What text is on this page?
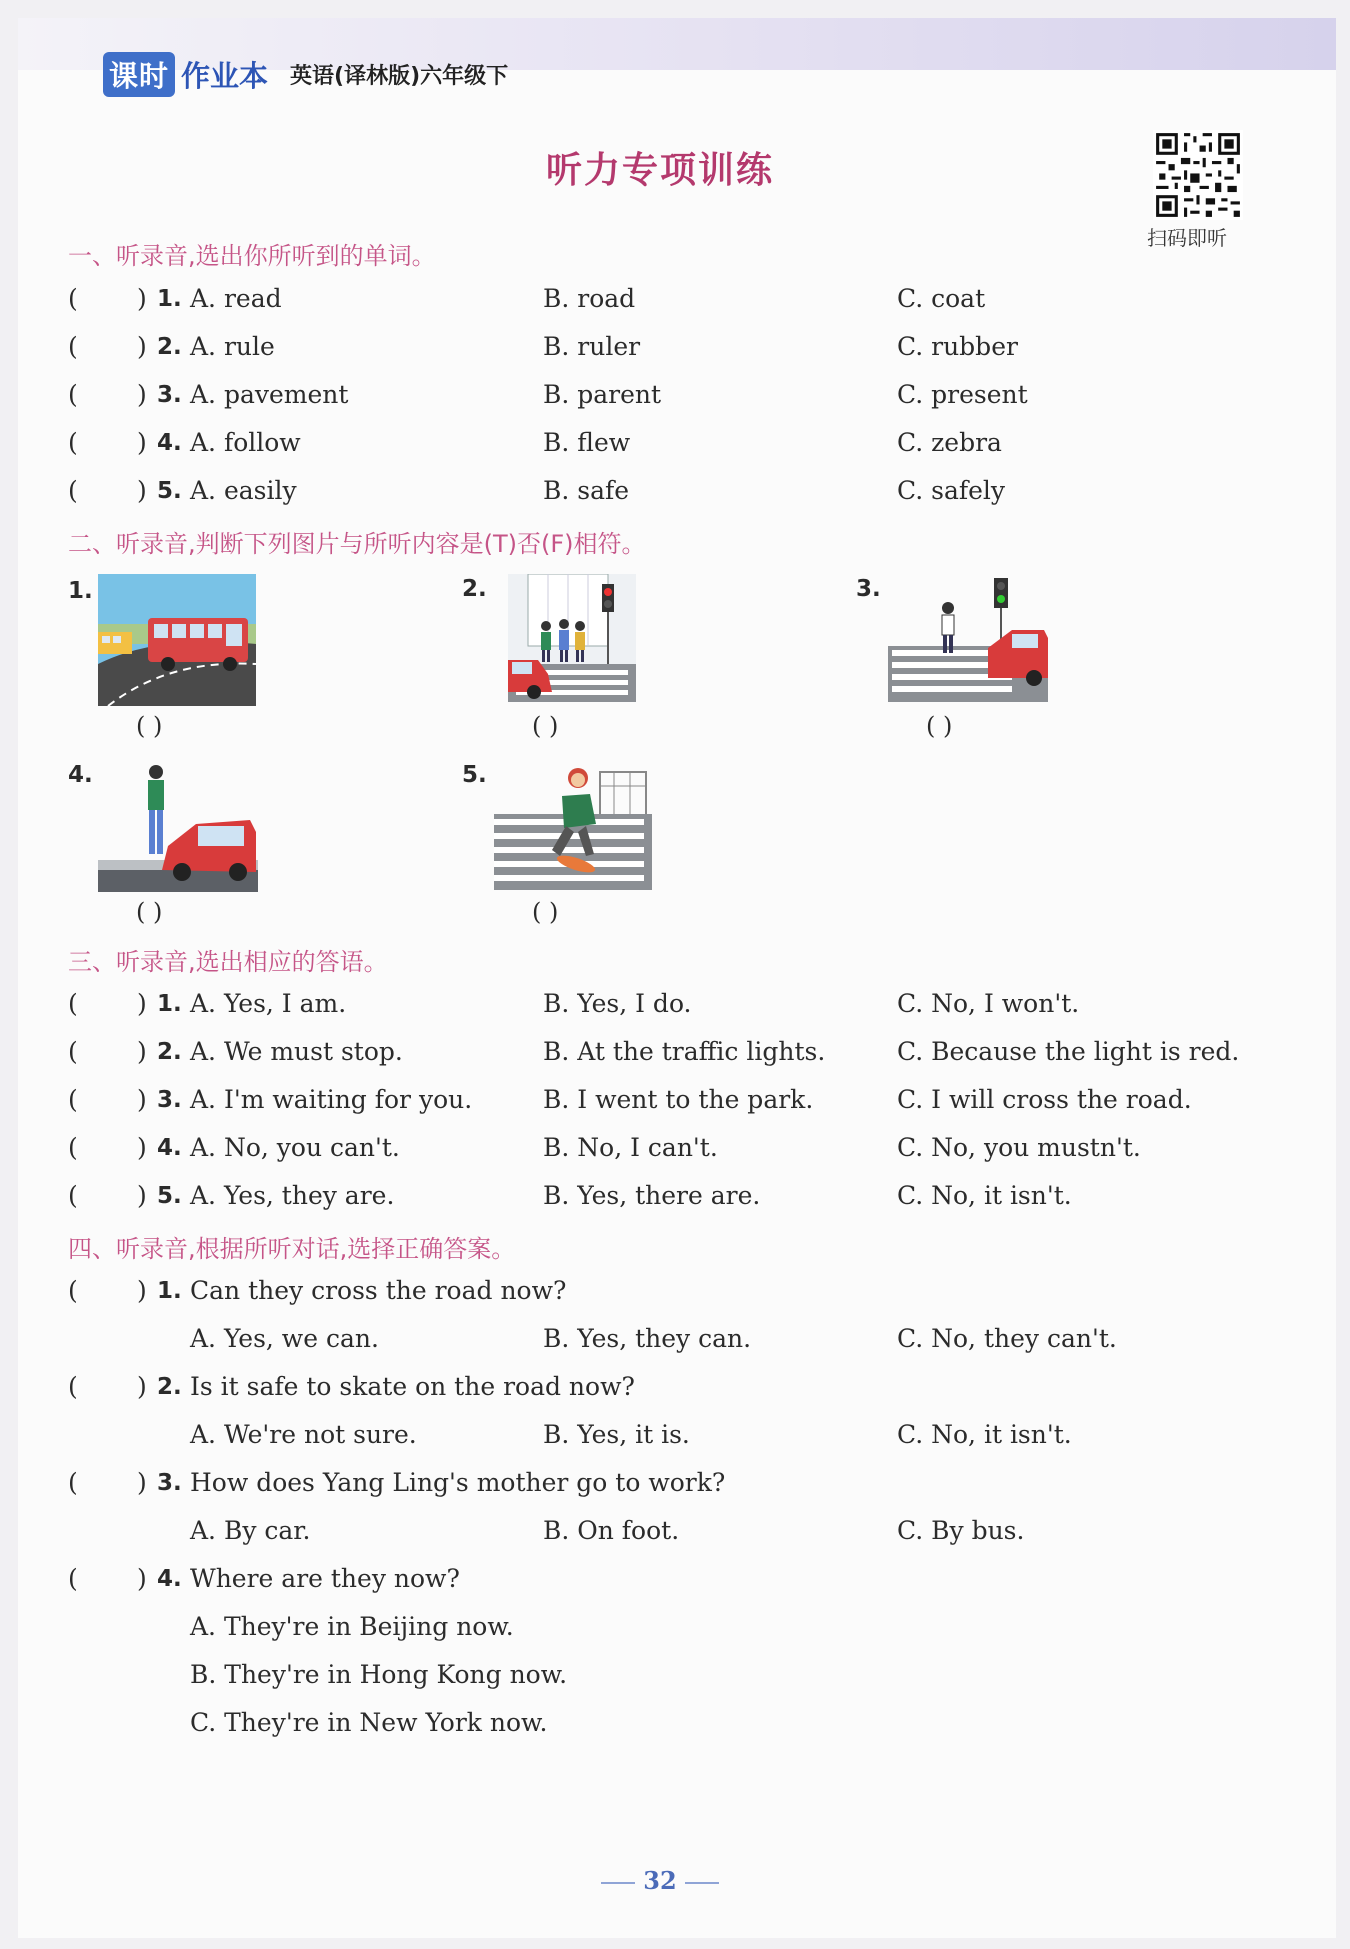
课时 作业本 英语(译林版)六年级下
听力专项训练
扫码即听
一、听录音,选出你所听到的单词。
( ) 1. A. read	B. road	C. coat
( ) 2. A. rule	B. ruler	C. rubber
( ) 3. A. pavement	B. parent	C. present
( ) 4. A. follow	B. flew	C. zebra
( ) 5. A. easily	B. safe	C. safely
二、听录音,判断下列图片与所听内容是(T)否(F)相符。
1.
( )
2.
( )
3.
( )
4.
( )
5.
( )
三、听录音,选出相应的答语。
( ) 1. A. Yes, I am.	B. Yes, I do.	C. No, I won't.
( ) 2. A. We must stop.	B. At the traffic lights.	C. Because the light is red.
( ) 3. A. I'm waiting for you.	B. I went to the park.	C. I will cross the road.
( ) 4. A. No, you can't.	B. No, I can't.	C. No, you mustn't.
( ) 5. A. Yes, they are.	B. Yes, there are.	C. No, it isn't.
四、听录音,根据所听对话,选择正确答案。
( ) 1. Can they cross the road now?
A. Yes, we can.	B. Yes, they can.	C. No, they can't.
( ) 2. Is it safe to skate on the road now?
A. We're not sure.	B. Yes, it is.	C. No, it isn't.
( ) 3. How does Yang Ling's mother go to work?
A. By car.	B. On foot.	C. By bus.
( ) 4. Where are they now?
A. They're in Beijing now.
B. They're in Hong Kong now.
C. They're in New York now.
32
